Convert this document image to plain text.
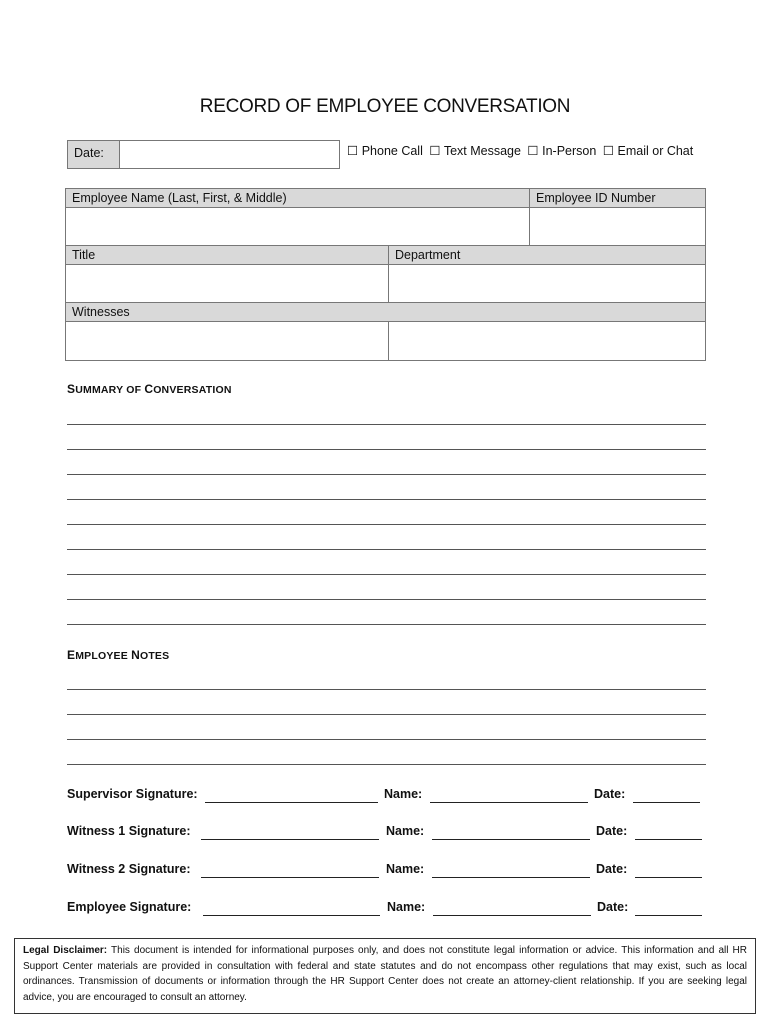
RECORD OF EMPLOYEE CONVERSATION
Date:	☐ Phone Call ☐ Text Message ☐ In-Person ☐ Email or Chat
Employee Name (Last, First, & Middle)	Employee ID Number
Title	Department
Witnesses
SUMMARY OF CONVERSATION
EMPLOYEE NOTES
Supervisor Signature:	Name:	Date:
Witness 1 Signature:	Name:	Date:
Witness 2 Signature:	Name:	Date:
Employee Signature:	Name:	Date:
Legal Disclaimer: This document is intended for informational purposes only, and does not constitute legal information or advice. This information and all HR Support Center materials are provided in consultation with federal and state statutes and do not encompass other regulations that may exist, such as local ordinances. Transmission of documents or information through the HR Support Center does not create an attorney-client relationship. If you are seeking legal advice, you are encouraged to consult an attorney.
